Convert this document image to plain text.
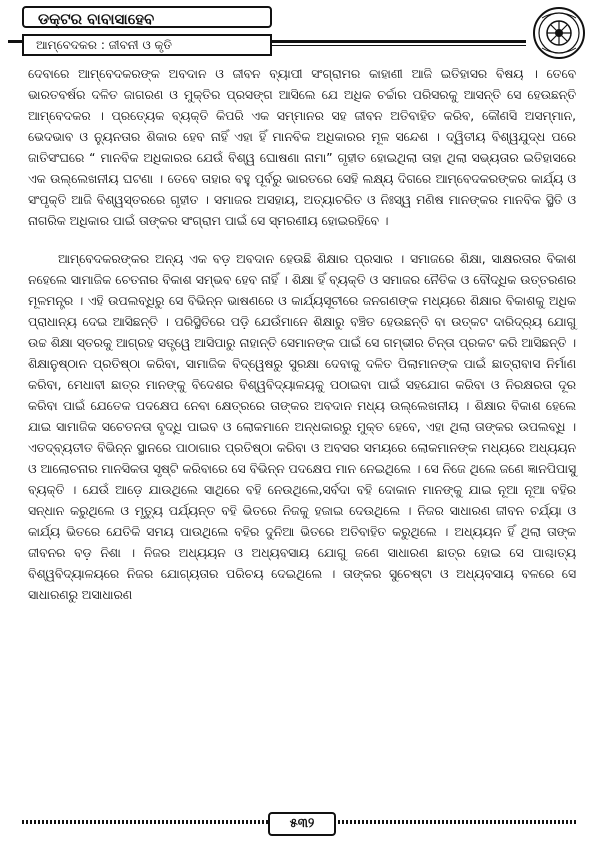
ଡକ୍ଟର ବାବାସାହେବ
ଆମ୍ବେଦକର : ଜୀବନୀ ଓ କୃତି

ଦେବାରେ ଆମ୍ବେଦକରଙ୍କ ଅବଦାନ ଓ ଜୀବନ ବ୍ୟାପୀ ସଂଗ୍ରାମର କାହାଣୀ ଆଜି ଇତିହାସର ବିଷୟ । ତେବେ ଭାରତବର୍ଷର ଦଳିତ ଜାଗରଣ ଓ ମୁକ୍ତିର ପ୍ରସଙ୍ଗ ଆସିଲେ ଯେ ଅଧିକ ଚର୍ଚ୍ଚାର ପରିସରକୁ ଆସନ୍ତି ସେ ହେଉଛନ୍ତି ଆମ୍ବେଦକର । ପ୍ରତ୍ୟେକ ବ୍ୟକ୍ତି କିପରି ଏକ ସମ୍ମାନର ସହ ଜୀବନ ଅତିବାହିତ କରିବ, କୌଣସି ଅସମ୍ମାନ, ଭେଦଭାବ ଓ ନ୍ୟୁନତାର ଶିକାର ହେବ ନାହିଁ ଏହା ହିଁ ମାନବିକ ଅଧିକାରର ମୂଳ ସନ୍ଦେଶ । ଦ୍ୱିତୀୟ ବିଶ୍ୱଯୁଦ୍ଧ ପରେ ଜାତିସଂଘରେ “ ମାନବିକ ଅଧିକାରର ଯେଉଁ ବିଶ୍ୱ ଘୋଷଣା ନାମା” ଗୃହୀତ ହୋଇଥିଲା ତାହା ଥିଲା ସଭ୍ୟତାର ଇତିହାସରେ ଏକ ଉଲ୍ଲେଖନୀୟ ଘଟଣା । ତେବେ ତାହାର ବହୁ ପୂର୍ବରୁ ଭାରତରେ ସେହି ଲକ୍ଷ୍ୟ ଦିଗରେ ଆମ୍ବେଦକରଙ୍କର କାର୍ଯ୍ୟ ଓ ସଂପୃକ୍ତି ଆଜି ବିଶ୍ୱସ୍ତରରେ ଗୃହୀତ । ସମାଜର ଅସହାୟ, ଅତ୍ୟାଚରିତ ଓ ନିଃସ୍ୱ ମଣିଷ ମାନଙ୍କର ମାନବିକ ସ୍ଥିତି ଓ ନାଗରିକ ଅଧିକାର ପାଇଁ ତାଙ୍କର ସଂଗ୍ରାମ ପାଇଁ ସେ ସ୍ମରଣୀୟ ହୋଇରହିବେ ।

ଆମ୍ବେଦକରଙ୍କର ଅନ୍ୟ ଏକ ବଡ଼ ଅବଦାନ ହେଉଛି ଶିକ୍ଷାର ପ୍ରସାର । ସମାଜରେ ଶିକ୍ଷା, ସାକ୍ଷରତାର ବିକାଶ ନହେଲେ ସାମାଜିକ ଚେତନାର ବିକାଶ ସମ୍ଭବ ହେବ ନାହିଁ । ଶିକ୍ଷା ହିଁ ବ୍ୟକ୍ତି ଓ ସମାଜର ନୈତିକ ଓ ବୌଦ୍ଧିକ ଉତ୍ତରଣର ମୂଳମନ୍ତ୍ର । ଏହି ଉପଲବ୍ଧିରୁ ସେ ବିଭିନ୍ନ ଭାଷଣରେ ଓ କାର୍ଯ୍ୟସୂଚୀରେ ଜନଗଣଙ୍କ ମଧ୍ୟରେ ଶିକ୍ଷାର ବିକାଶକୁ ଅଧିକ ପ୍ରାଧାନ୍ୟ ଦେଇ ଆସିଛନ୍ତି । ପରିସ୍ଥିତିରେ ପଡ଼ି ଯେଉଁମାନେ ଶିକ୍ଷାରୁ ବଞ୍ଚିତ ହେଉଛନ୍ତି ବା ଉତ୍କଟ ଦାରିଦ୍ର୍ୟ ଯୋଗୁ ଉଚ୍ଚ ଶିକ୍ଷା ସ୍ତରକୁ ଆଗ୍ରହ ସତ୍ତ୍ୱେ ଆସିପାରୁ ନାହାନ୍ତି ସେମାନଙ୍କ ପାଇଁ ସେ ଗମ୍ଭୀର ଚିନ୍ତା ପ୍ରକଟ କରି ଆସିଛନ୍ତି । ଶିକ୍ଷାନୁଷ୍ଠାନ ପ୍ରତିଷ୍ଠା କରିବା, ସାମାଜିକ ବିଦ୍ୱେଷରୁ ସୁରକ୍ଷା ଦେବାକୁ ଦଳିତ ପିଲାମାନଙ୍କ ପାଇଁ ଛାତ୍ରାବାସ ନିର୍ମାଣ କରିବା, ମେଧାବୀ ଛାତ୍ର ମାନଙ୍କୁ ବିଦେଶର ବିଶ୍ୱବିଦ୍ୟାଳୟକୁ ପଠାଇବା ପାଇଁ ସହଯୋଗ କରିବା ଓ ନିରକ୍ଷରତା ଦୂର କରିବା ପାଇଁ ଯେତେକ ପଦକ୍ଷେପ ନେବା କ୍ଷେତ୍ରରେ ତାଙ୍କର ଅବଦାନ ମଧ୍ୟ ଉଲ୍ଲେଖନୀୟ । ଶିକ୍ଷାର ବିକାଶ ହେଲେ ଯାଇ ସାମାଜିକ ସଚେତନତା ବୃଦ୍ଧି ପାଇବ ଓ ଲୋକମାନେ ଅନ୍ଧକାରରୁ ମୁକ୍ତ ହେବେ, ଏହା ଥିଲା ତାଙ୍କର ଉପଲବ୍ଧି । ଏତଦ୍‌ବ୍ୟତୀତ ବିଭିନ୍ନ ସ୍ଥାନରେ ପାଠାଗାର ପ୍ରତିଷ୍ଠା କରିବା ଓ ଅବସର ସମୟରେ ଲୋକମାନଙ୍କ ମଧ୍ୟରେ ଅଧ୍ୟୟନ ଓ ଆଲୋଚନାର ମାନସିକତା ସୃଷ୍ଟି କରିବାରେ ସେ ବିଭିନ୍ନ ପଦକ୍ଷେପ ମାନ ନେଇଥିଲେ । ସେ ନିଜେ ଥିଲେ ଜଣେ ଜ୍ଞାନପିପାସୁ ବ୍ୟକ୍ତି । ଯେଉଁ ଆଡ଼େ ଯାଉଥିଲେ ସାଥିରେ ବହି ନେଉଥିଲେ,ସର୍ବଦା ବହି ଦୋକାନ ମାନଙ୍କୁ ଯାଇ ନୂଆ ନୂଆ ବହିର ସନ୍ଧାନ କରୁଥିଲେ ଓ ମୃତ୍ୟୁ ପର୍ଯ୍ୟନ୍ତ ବହି ଭିତରେ ନିଜକୁ ହଜାଇ ଦେଉଥିଲେ । ନିଜର ସାଧାରଣ ଜୀବନ ଚର୍ଯ୍ୟା ଓ କାର୍ଯ୍ୟ ଭିତରେ ଯେତିକି ସମୟ ପାଉଥିଲେ ବହିର ଦୁନିଆ ଭିତରେ ଅତିବାହିତ କରୁଥିଲେ । ଅଧ୍ୟୟନ ହିଁ ଥିଲା ତାଙ୍କ ଜୀବନର ବଡ଼ ନିଶା । ନିଜର ଅଧ୍ୟୟନ ଓ ଅଧ୍ୟବସାୟ ଯୋଗୁ ଜଣେ ସାଧାରଣ ଛାତ୍ର ହୋଇ ସେ ପାଶ୍ଚାତ୍ୟ ବିଶ୍ୱବିଦ୍ୟାଳୟରେ ନିଜର ଯୋଗ୍ୟତାର ପରିଚୟ ଦେଇଥିଲେ । ତାଙ୍କର ସୁଚେଷ୍ଟା ଓ ଅଧ୍ୟବସାୟ ବଳରେ ସେ ସାଧାରଣରୁ ଅସାଧାରଣ

୫୩୨
